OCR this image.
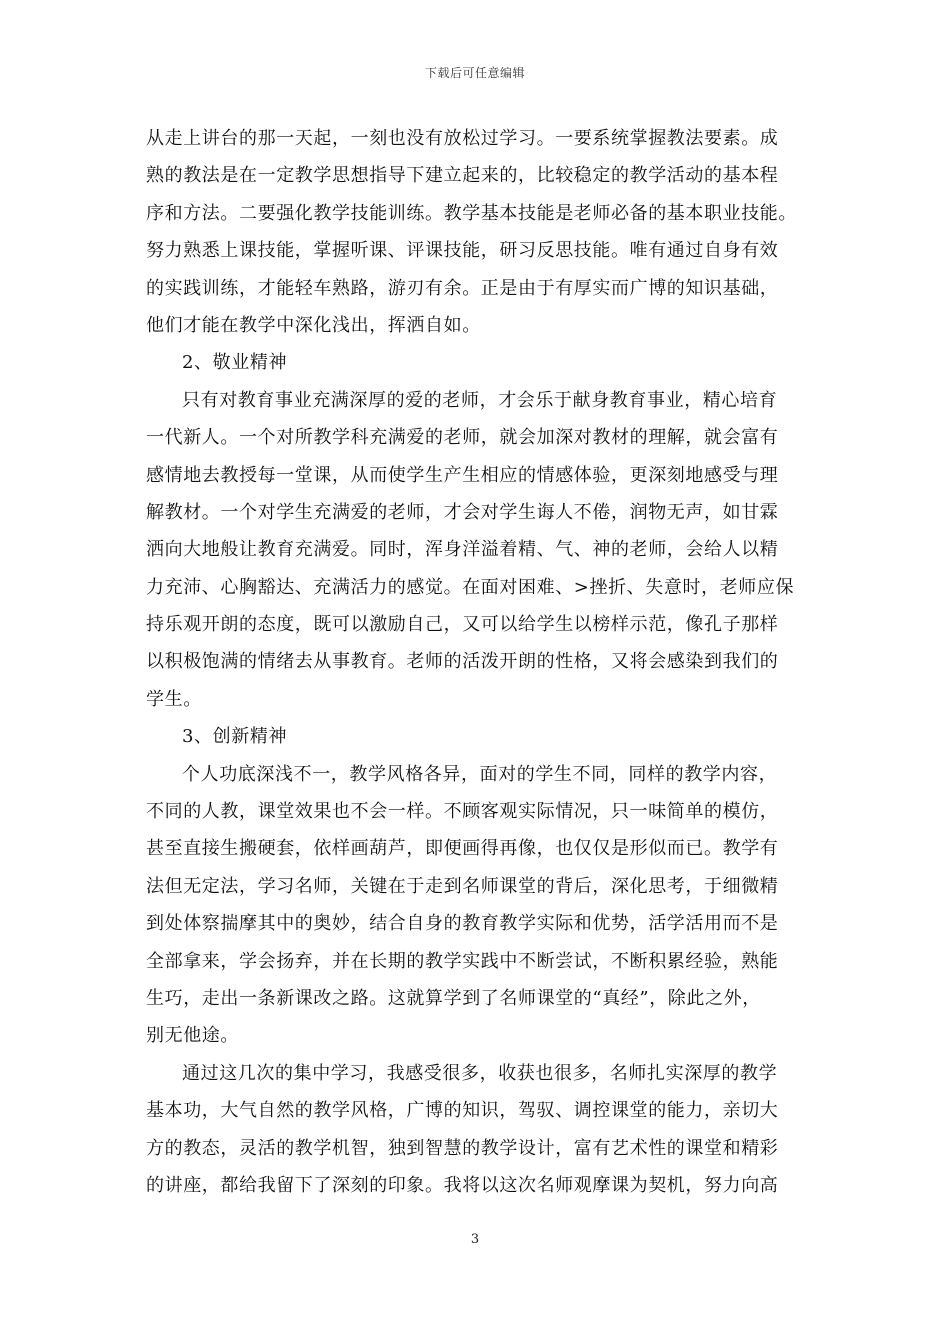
下载后可任意编辑
从走上讲台的那一天起，一刻也没有放松过学习。一要系统掌握教法要素。成
熟的教法是在一定教学思想指导下建立起来的，比较稳定的教学活动的基本程
序和方法。二要强化教学技能训练。教学基本技能是老师必备的基本职业技能。
努力熟悉上课技能，掌握听课、评课技能，研习反思技能。唯有通过自身有效
的实践训练，才能轻车熟路，游刃有余。正是由于有厚实而广博的知识基础，
他们才能在教学中深化浅出，挥洒自如。
2、敬业精神
只有对教育事业充满深厚的爱的老师，才会乐于献身教育事业，精心培育
一代新人。一个对所教学科充满爱的老师，就会加深对教材的理解，就会富有
感情地去教授每一堂课，从而使学生产生相应的情感体验，更深刻地感受与理
解教材。一个对学生充满爱的老师，才会对学生诲人不倦，润物无声，如甘霖
洒向大地般让教育充满爱。同时，浑身洋溢着精、气、神的老师，会给人以精
力充沛、心胸豁达、充满活力的感觉。在面对困难、>挫折、失意时，老师应保
持乐观开朗的态度，既可以激励自己，又可以给学生以榜样示范，像孔子那样
以积极饱满的情绪去从事教育。老师的活泼开朗的性格，又将会感染到我们的
学生。
3、创新精神
个人功底深浅不一，教学风格各异，面对的学生不同，同样的教学内容，
不同的人教，课堂效果也不会一样。不顾客观实际情况，只一味简单的模仿，
甚至直接生搬硬套，依样画葫芦，即便画得再像，也仅仅是形似而已。教学有
法但无定法，学习名师，关键在于走到名师课堂的背后，深化思考，于细微精
到处体察揣摩其中的奥妙，结合自身的教育教学实际和优势，活学活用而不是
全部拿来，学会扬弃，并在长期的教学实践中不断尝试，不断积累经验，熟能
生巧，走出一条新课改之路。这就算学到了名师课堂的“真经”，除此之外，
别无他途。
通过这几次的集中学习，我感受很多，收获也很多，名师扎实深厚的教学
基本功，大气自然的教学风格，广博的知识，驾驭、调控课堂的能力，亲切大
方的教态，灵活的教学机智，独到智慧的教学设计，富有艺术性的课堂和精彩
的讲座，都给我留下了深刻的印象。我将以这次名师观摩课为契机，努力向高
3
